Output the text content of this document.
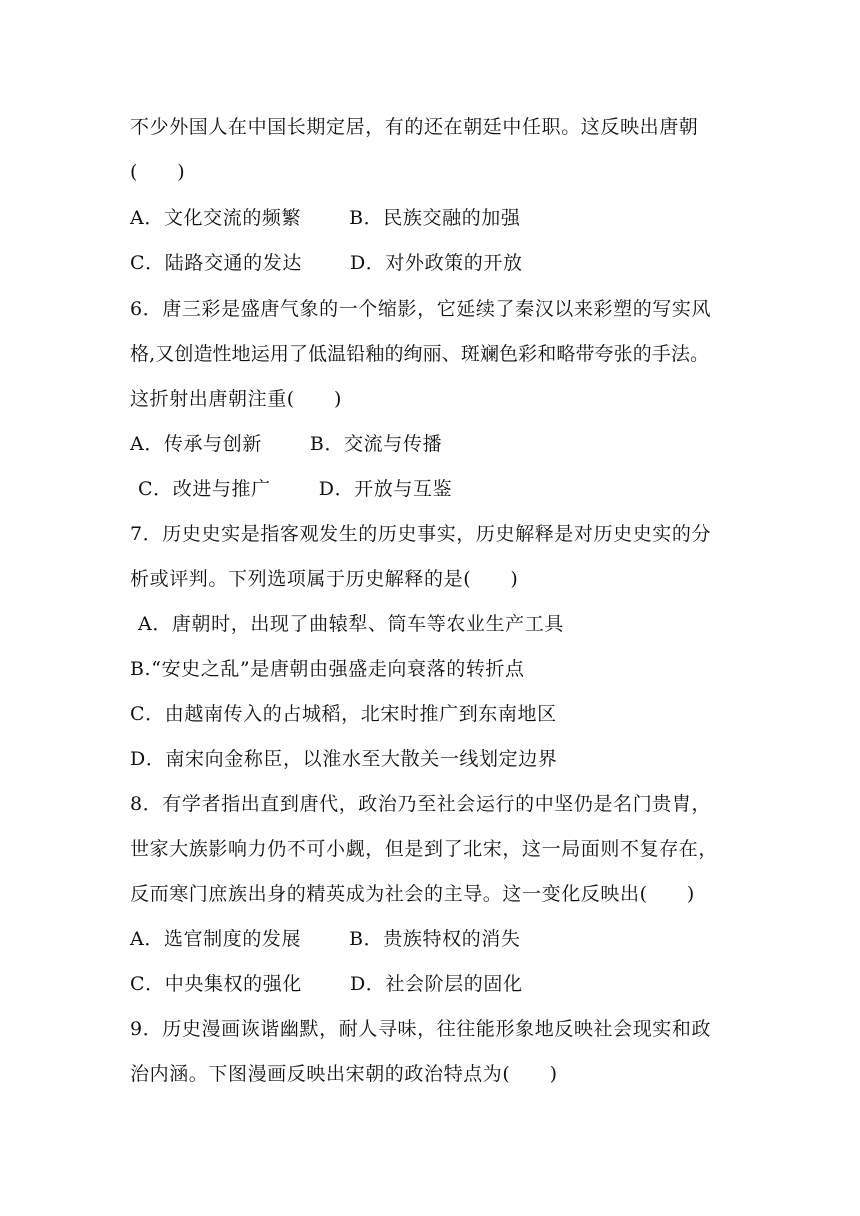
不少外国人在中国长期定居，有的还在朝廷中任职。这反映出唐朝
(　　)
A．文化交流的频繁	B．民族交融的加强
C．陆路交通的发达	D．对外政策的开放
6．唐三彩是盛唐气象的一个缩影，它延续了秦汉以来彩塑的写实风
格,又创造性地运用了低温铅釉的绚丽、斑斓色彩和略带夸张的手法。
这折射出唐朝注重(　　)
A．传承与创新	B．交流与传播
C．改进与推广	D．开放与互鉴
7．历史史实是指客观发生的历史事实，历史解释是对历史史实的分
析或评判。下列选项属于历史解释的是(　　)
A．唐朝时，出现了曲辕犁、筒车等农业生产工具
B.“安史之乱”是唐朝由强盛走向衰落的转折点
C．由越南传入的占城稻，北宋时推广到东南地区
D．南宋向金称臣，以淮水至大散关一线划定边界
8．有学者指出直到唐代，政治乃至社会运行的中坚仍是名门贵胄，
世家大族影响力仍不可小觑，但是到了北宋，这一局面则不复存在，
反而寒门庶族出身的精英成为社会的主导。这一变化反映出(　　)
A．选官制度的发展	B．贵族特权的消失
C．中央集权的强化	D．社会阶层的固化
9．历史漫画诙谐幽默，耐人寻味，往往能形象地反映社会现实和政
治内涵。下图漫画反映出宋朝的政治特点为(　　)
